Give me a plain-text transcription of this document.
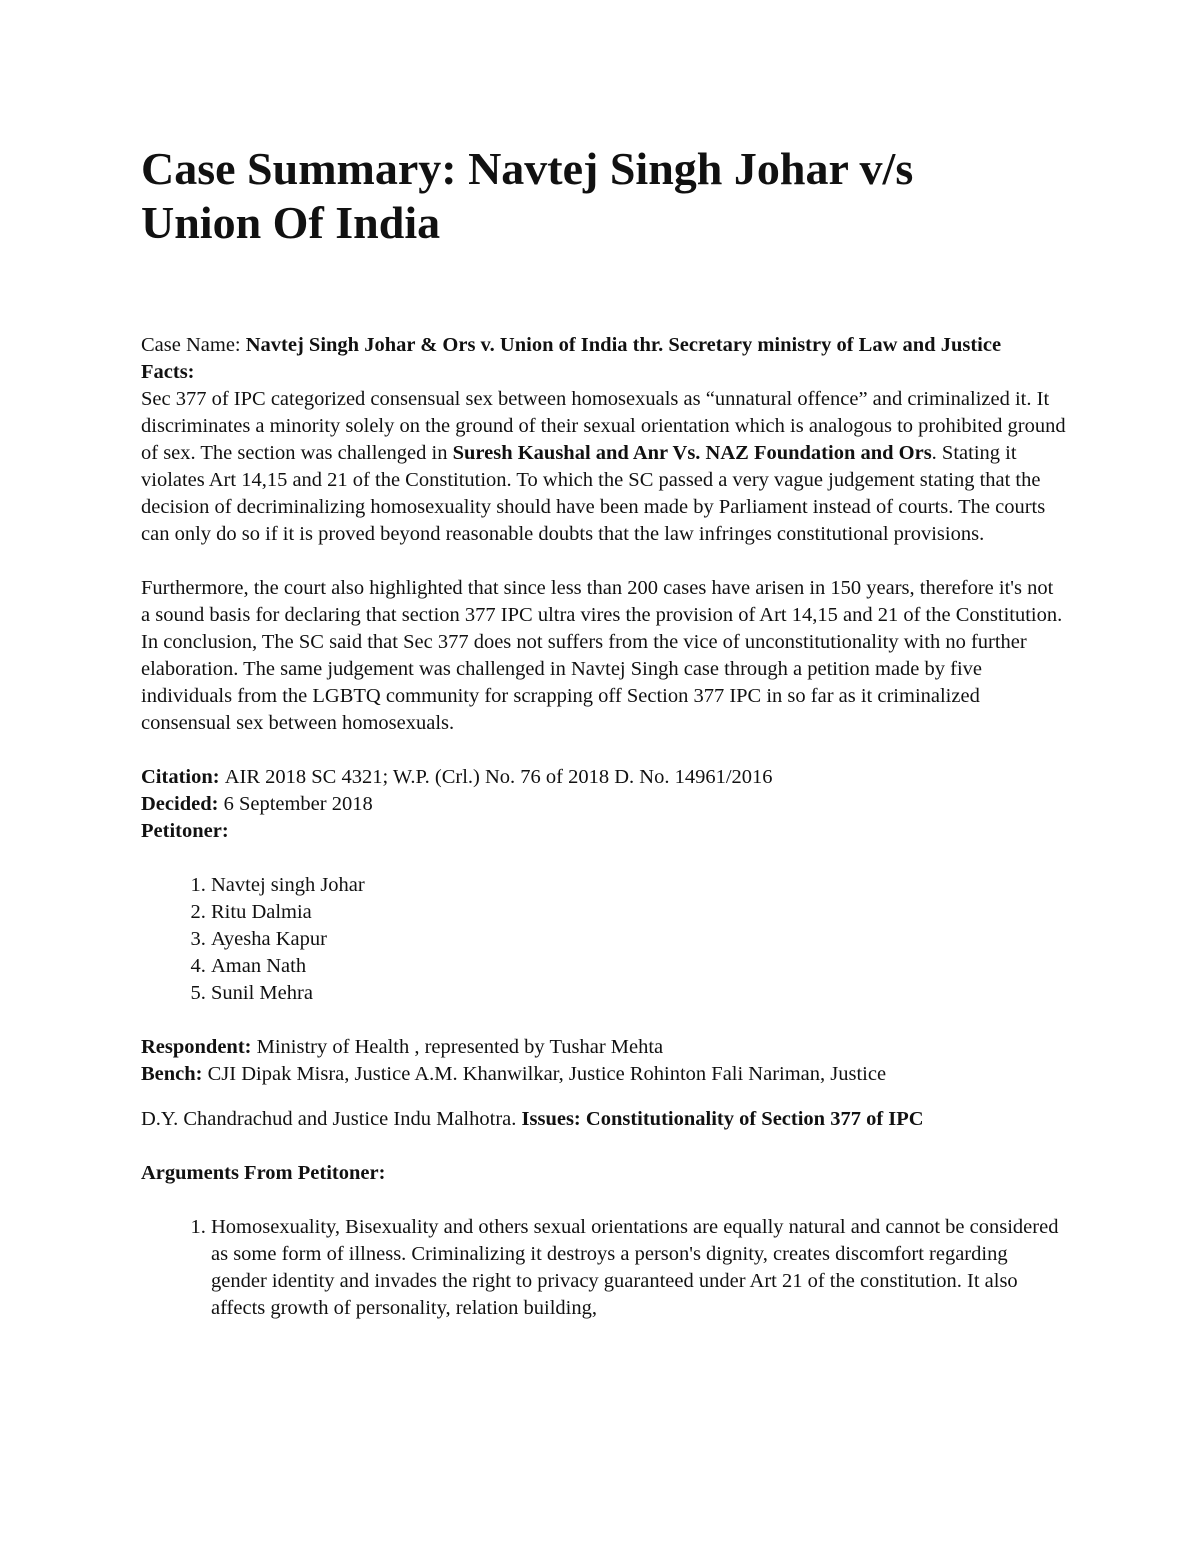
Case Summary: Navtej Singh Johar v/s
Union Of India

Case Name: Navtej Singh Johar & Ors v. Union of India thr. Secretary ministry of Law and Justice

Facts:

Sec 377 of IPC categorized consensual sex between homosexuals as “unnatural offence” and criminalized it. It discriminates a minority solely on the ground of their sexual orientation which is analogous to prohibited ground of sex. The section was challenged in Suresh Kaushal and Anr Vs. NAZ Foundation and Ors. Stating it violates Art 14,15 and 21 of the Constitution. To which the SC passed a very vague judgement stating that the decision of decriminalizing homosexuality should have been made by Parliament instead of courts. The courts can only do so if it is proved beyond reasonable doubts that the law infringes constitutional provisions.

Furthermore, the court also highlighted that since less than 200 cases have arisen in 150 years, therefore it's not a sound basis for declaring that section 377 IPC ultra vires the provision of Art 14,15 and 21 of the Constitution. In conclusion, The SC said that Sec 377 does not suffers from the vice of unconstitutionality with no further elaboration. The same judgement was challenged in Navtej Singh case through a petition made by five individuals from the LGBTQ community for scrapping off Section 377 IPC in so far as it criminalized consensual sex between homosexuals.

Citation: AIR 2018 SC 4321; W.P. (Crl.) No. 76 of 2018 D. No. 14961/2016

Decided: 6 September 2018

Petitoner:

1. Navtej singh Johar
2. Ritu Dalmia
3. Ayesha Kapur
4. Aman Nath
5. Sunil Mehra

Respondent: Ministry of Health , represented by Tushar Mehta

Bench: CJI Dipak Misra, Justice A.M. Khanwilkar, Justice Rohinton Fali Nariman, Justice

D.Y. Chandrachud and Justice Indu Malhotra. Issues: Constitutionality of Section 377 of IPC

Arguments From Petitoner:

1. Homosexuality, Bisexuality and others sexual orientations are equally natural and cannot be considered as some form of illness. Criminalizing it destroys a person's dignity, creates discomfort regarding gender identity and invades the right to privacy guaranteed under Art 21 of the constitution. It also affects growth of personality, relation building,
